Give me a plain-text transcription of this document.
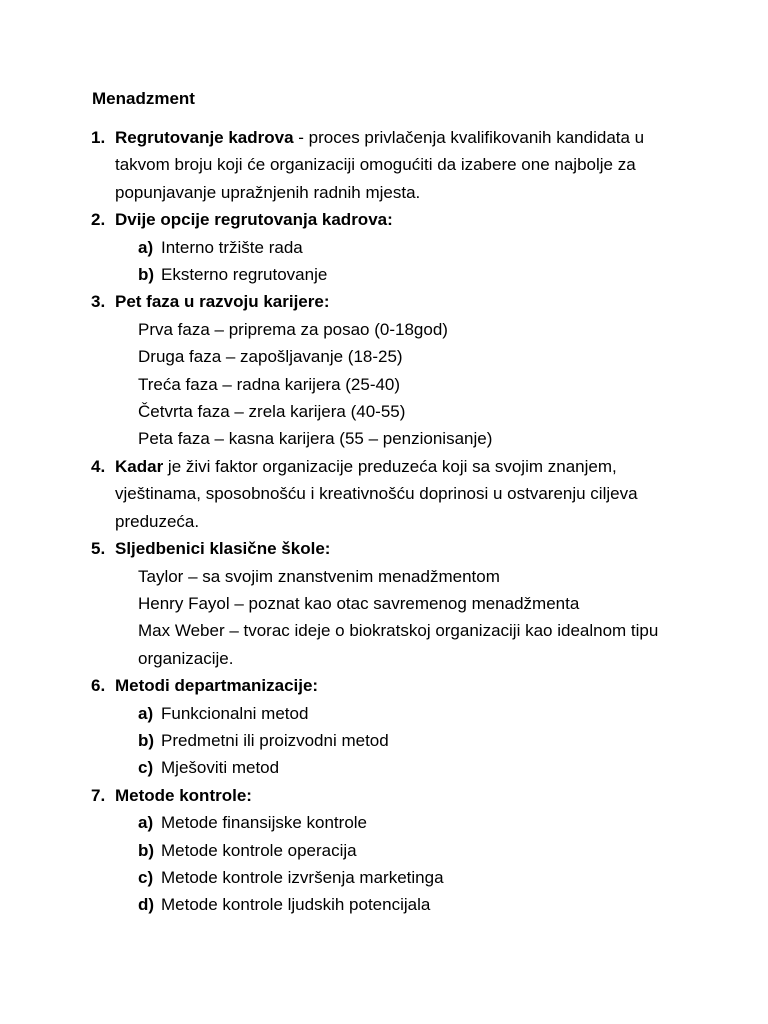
Menadzment
1. Regrutovanje kadrova - proces privlačenja kvalifikovanih kandidata u takvom broju koji će organizaciji omogućiti da izabere one najbolje za popunjavanje upražnjenih radnih mjesta.
2. Dvije opcije regrutovanja kadrova:
a) Interno tržište rada
b) Eksterno regrutovanje
3. Pet faza u razvoju karijere:
Prva faza – priprema za posao (0-18god)
Druga faza – zapošljavanje (18-25)
Treća faza – radna karijera (25-40)
Četvrta faza – zrela karijera (40-55)
Peta faza – kasna karijera (55 – penzionisanje)
4. Kadar je živi faktor organizacije preduzeća koji sa svojim znanjem, vještinama, sposobnošću i kreativnošću doprinosi u ostvarenju ciljeva preduzeća.
5. Sljedbenici klasične škole:
Taylor – sa svojim znanstvenim menadžmentom
Henry Fayol – poznat kao otac savremenog menadžmenta
Max Weber – tvorac ideje o biokratskoj organizaciji kao idealnom tipu organizacije.
6. Metodi departmanizacije:
a) Funkcionalni metod
b) Predmetni ili proizvodni metod
c) Mješoviti metod
7. Metode kontrole:
a) Metode finansijske kontrole
b) Metode kontrole operacija
c) Metode kontrole izvršenja marketinga
d) Metode kontrole ljudskih potencijala
